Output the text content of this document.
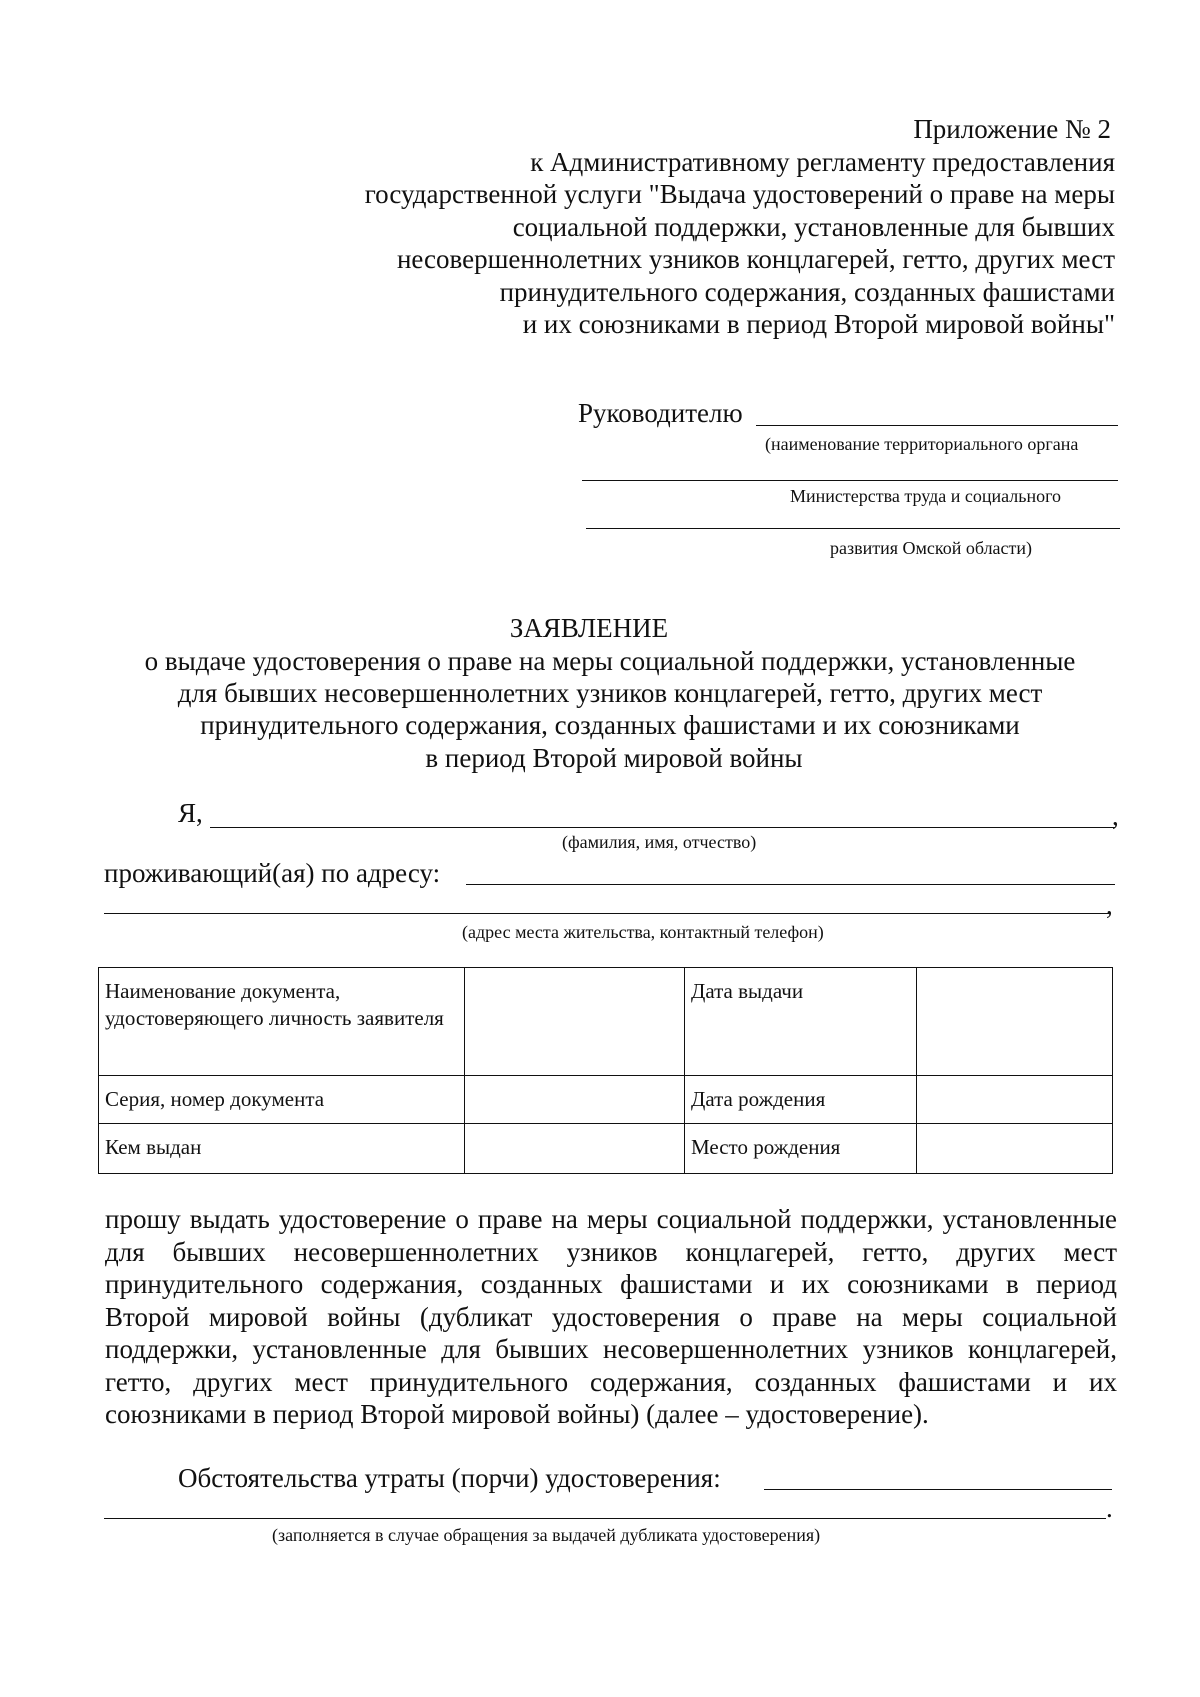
Приложение № 2
к Административному регламенту предоставления
государственной услуги "Выдача удостоверений о праве на меры
социальной поддержки, установленные для бывших
несовершеннолетних узников концлагерей, гетто, других мест
принудительного содержания, созданных фашистами
и их союзниками в период Второй мировой войны"
Руководителю
(наименование территориального органа
Министерства труда и социального
развития Омской области)
ЗАЯВЛЕНИЕ
о выдаче удостоверения о праве на меры социальной поддержки, установленные
для бывших несовершеннолетних узников концлагерей, гетто, других мест
принудительного содержания, созданных фашистами и их союзниками
в период Второй мировой войны
Я,	,
(фамилия, имя, отчество)
проживающий(ая) по адресу:
,
(адрес места жительства, контактный телефон)
Наименование документа, удостоверяющего личность заявителя		Дата выдачи	
Серия, номер документа		Дата рождения	
Кем выдан		Место рождения	
прошу выдать удостоверение о праве на меры социальной поддержки, установленные для бывших несовершеннолетних узников концлагерей, гетто, других мест принудительного содержания, созданных фашистами и их союзниками в период Второй мировой войны (дубликат удостоверения о праве на меры социальной поддержки, установленные для бывших несовершеннолетних узников концлагерей, гетто, других мест принудительного содержания, созданных фашистами и их союзниками в период Второй мировой войны) (далее – удостоверение).
Обстоятельства утраты (порчи) удостоверения:
.
(заполняется в случае обращения за выдачей дубликата удостоверения)
